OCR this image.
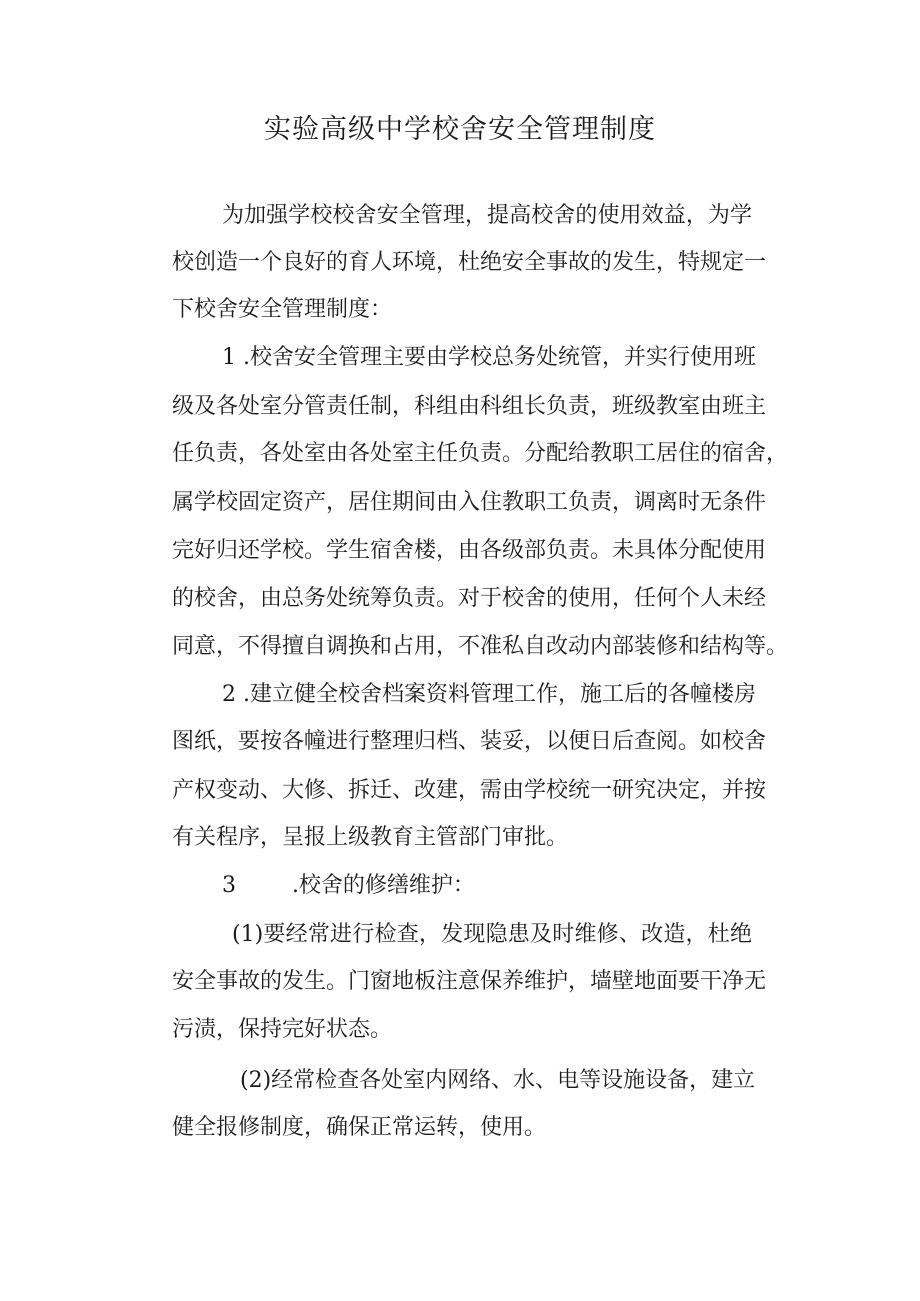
实验高级中学校舍安全管理制度

为加强学校校舍安全管理，提高校舍的使用效益，为学

校创造一个良好的育人环境，杜绝安全事故的发生，特规定一

下校舍安全管理制度：

1 .校舍安全管理主要由学校总务处统管，并实行使用班

级及各处室分管责任制，科组由科组长负责，班级教室由班主

任负责，各处室由各处室主任负责。分配给教职工居住的宿舍，

属学校固定资产，居住期间由入住教职工负责，调离时无条件

完好归还学校。学生宿舍楼，由各级部负责。未具体分配使用

的校舍，由总务处统筹负责。对于校舍的使用，任何个人未经

同意，不得擅自调换和占用，不准私自改动内部装修和结构等。

2 .建立健全校舍档案资料管理工作，施工后的各幢楼房

图纸，要按各幢进行整理归档、装妥，以便日后查阅。如校舍

产权变动、大修、拆迁、改建，需由学校统一研究决定，并按

有关程序，呈报上级教育主管部门审批。

3        .校舍的修缮维护：

(1)要经常进行检查，发现隐患及时维修、改造，杜绝

安全事故的发生。门窗地板注意保养维护，墙壁地面要干净无

污渍，保持完好状态。

(2)经常检查各处室内网络、水、电等设施设备，建立

健全报修制度，确保正常运转，使用。
